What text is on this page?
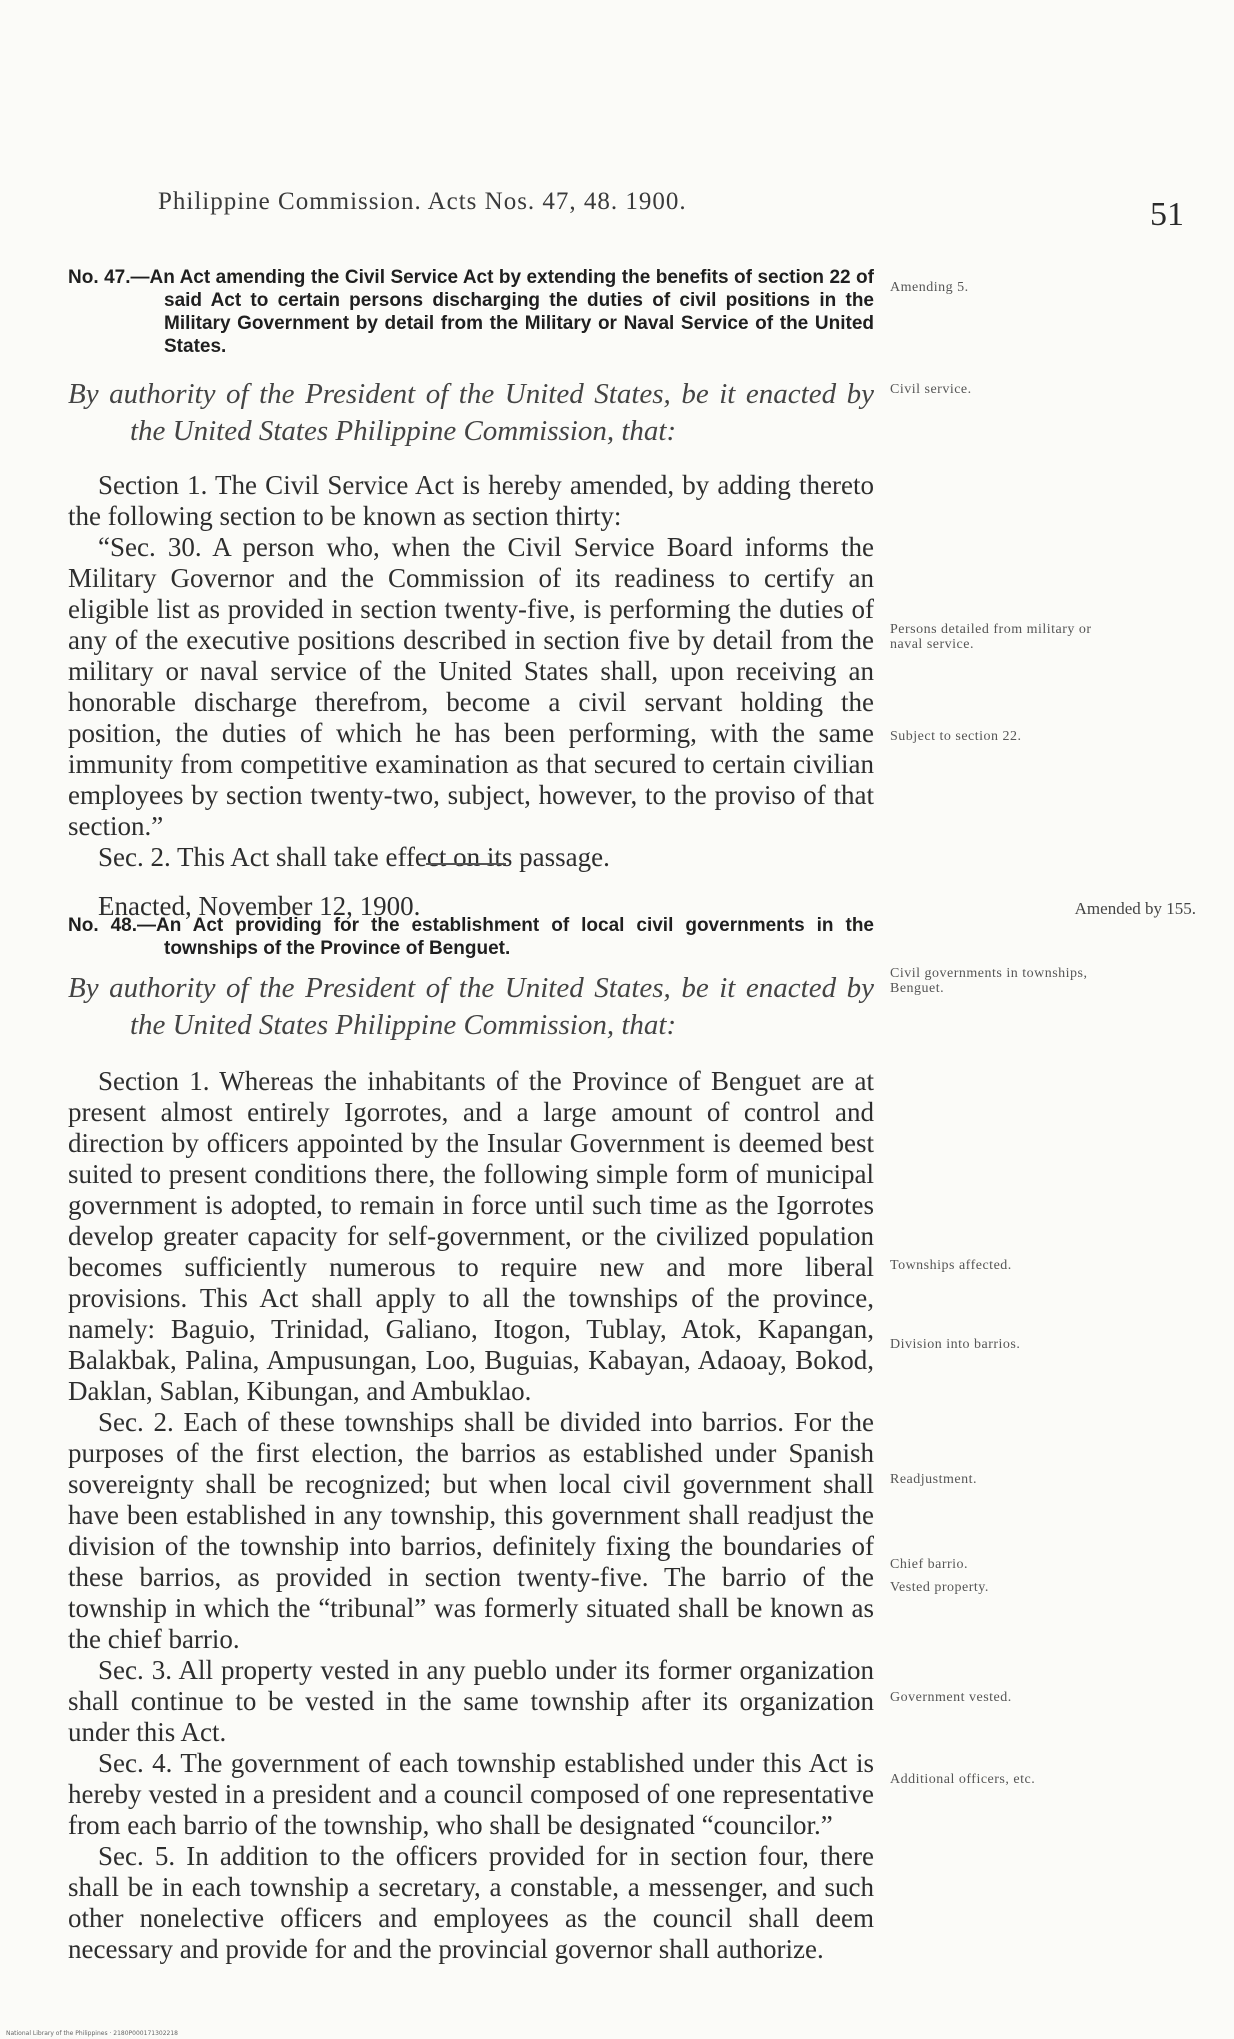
Philippine Commission. Acts Nos. 47, 48. 1900.	51
No. 47.—An Act amending the Civil Service Act by extending the benefits of section 22 of said Act to certain persons discharging the duties of civil positions in the Military Government by detail from the Military or Naval Service of the United States.
By authority of the President of the United States, be it enacted by the United States Philippine Commission, that:

Section 1. The Civil Service Act is hereby amended, by adding thereto the following section to be known as section thirty:

“Sec. 30. A person who, when the Civil Service Board informs the Military Governor and the Commission of its readiness to certify an eligible list as provided in section twenty-five, is performing the duties of any of the executive positions described in section five by detail from the military or naval service of the United States shall, upon receiving an honorable discharge therefrom, become a civil servant holding the position, the duties of which he has been performing, with the same immunity from competitive examination as that secured to certain civilian employees by section twenty-two, subject, however, to the proviso of that section.”

Sec. 2. This Act shall take effect on its passage.

Enacted, November 12, 1900.	Amended by 155.
No. 48.—An Act providing for the establishment of local civil governments in the townships of the Province of Benguet.
By authority of the President of the United States, be it enacted by the United States Philippine Commission, that:

Section 1. Whereas the inhabitants of the Province of Benguet are at present almost entirely Igorrotes, and a large amount of control and direction by officers appointed by the Insular Government is deemed best suited to present conditions there, the following simple form of municipal government is adopted, to remain in force until such time as the Igorrotes develop greater capacity for self-government, or the civilized population becomes sufficiently numerous to require new and more liberal provisions. This Act shall apply to all the townships of the province, namely: Baguio, Trinidad, Galiano, Itogon, Tublay, Atok, Kapangan, Balakbak, Palina, Ampusungan, Loo, Buguias, Kabayan, Adaoay, Bokod, Daklan, Sablan, Kibungan, and Ambuklao.

Sec. 2. Each of these townships shall be divided into barrios. For the purposes of the first election, the barrios as established under Spanish sovereignty shall be recognized; but when local civil government shall have been established in any township, this government shall readjust the division of the township into barrios, definitely fixing the boundaries of these barrios, as provided in section twenty-five. The barrio of the township in which the “tribunal” was formerly situated shall be known as the chief barrio.

Sec. 3. All property vested in any pueblo under its former organization shall continue to be vested in the same township after its organization under this Act.

Sec. 4. The government of each township established under this Act is hereby vested in a president and a council composed of one representative from each barrio of the township, who shall be designated “councilor.”

Sec. 5. In addition to the officers provided for in section four, there shall be in each township a secretary, a constable, a messenger, and such other nonelective officers and employees as the council shall deem necessary and provide for and the provincial governor shall authorize.

Amending 5.
Civil service.
Persons detailed from military or naval service.
Subject to section 22.
Civil governments in townships, Benguet.
Townships affected.
Division into barrios.
Readjustment.
Chief barrio.
Vested property.
Government vested.
Additional officers, etc.
National Library of the Philippines · 2180P000171302218
